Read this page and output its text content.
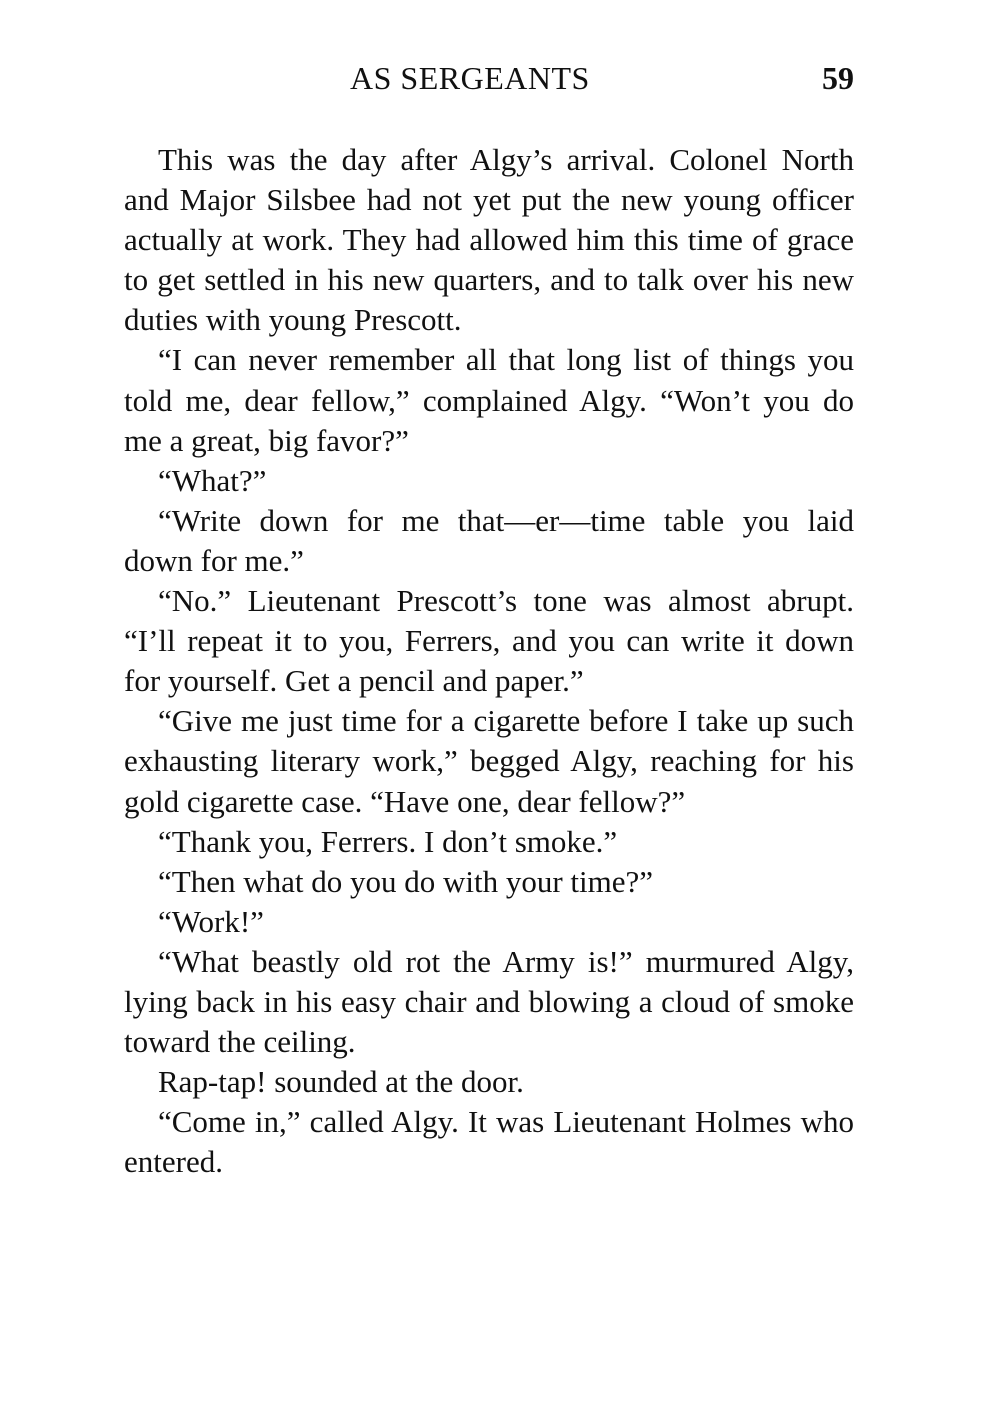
AS SERGEANTS	59

This was the day after Algy’s arrival. Colonel North and Major Silsbee had not yet put the new young officer actually at work. They had allowed him this time of grace to get settled in his new quarters, and to talk over his new duties with young Prescott.

“I can never remember all that long list of things you told me, dear fellow,” complained Algy. “Won’t you do me a great, big favor?”

“What?”

“Write down for me that—er—time table you laid down for me.”

“No.” Lieutenant Prescott’s tone was almost abrupt. “I’ll repeat it to you, Ferrers, and you can write it down for yourself. Get a pencil and paper.”

“Give me just time for a cigarette before I take up such exhausting literary work,” begged Algy, reaching for his gold cigarette case. “Have one, dear fellow?”

“Thank you, Ferrers. I don’t smoke.”

“Then what do you do with your time?”

“Work!”

“What beastly old rot the Army is!” murmured Algy, lying back in his easy chair and blowing a cloud of smoke toward the ceiling.

Rap-tap! sounded at the door.

“Come in,” called Algy. It was Lieutenant Holmes who entered.
